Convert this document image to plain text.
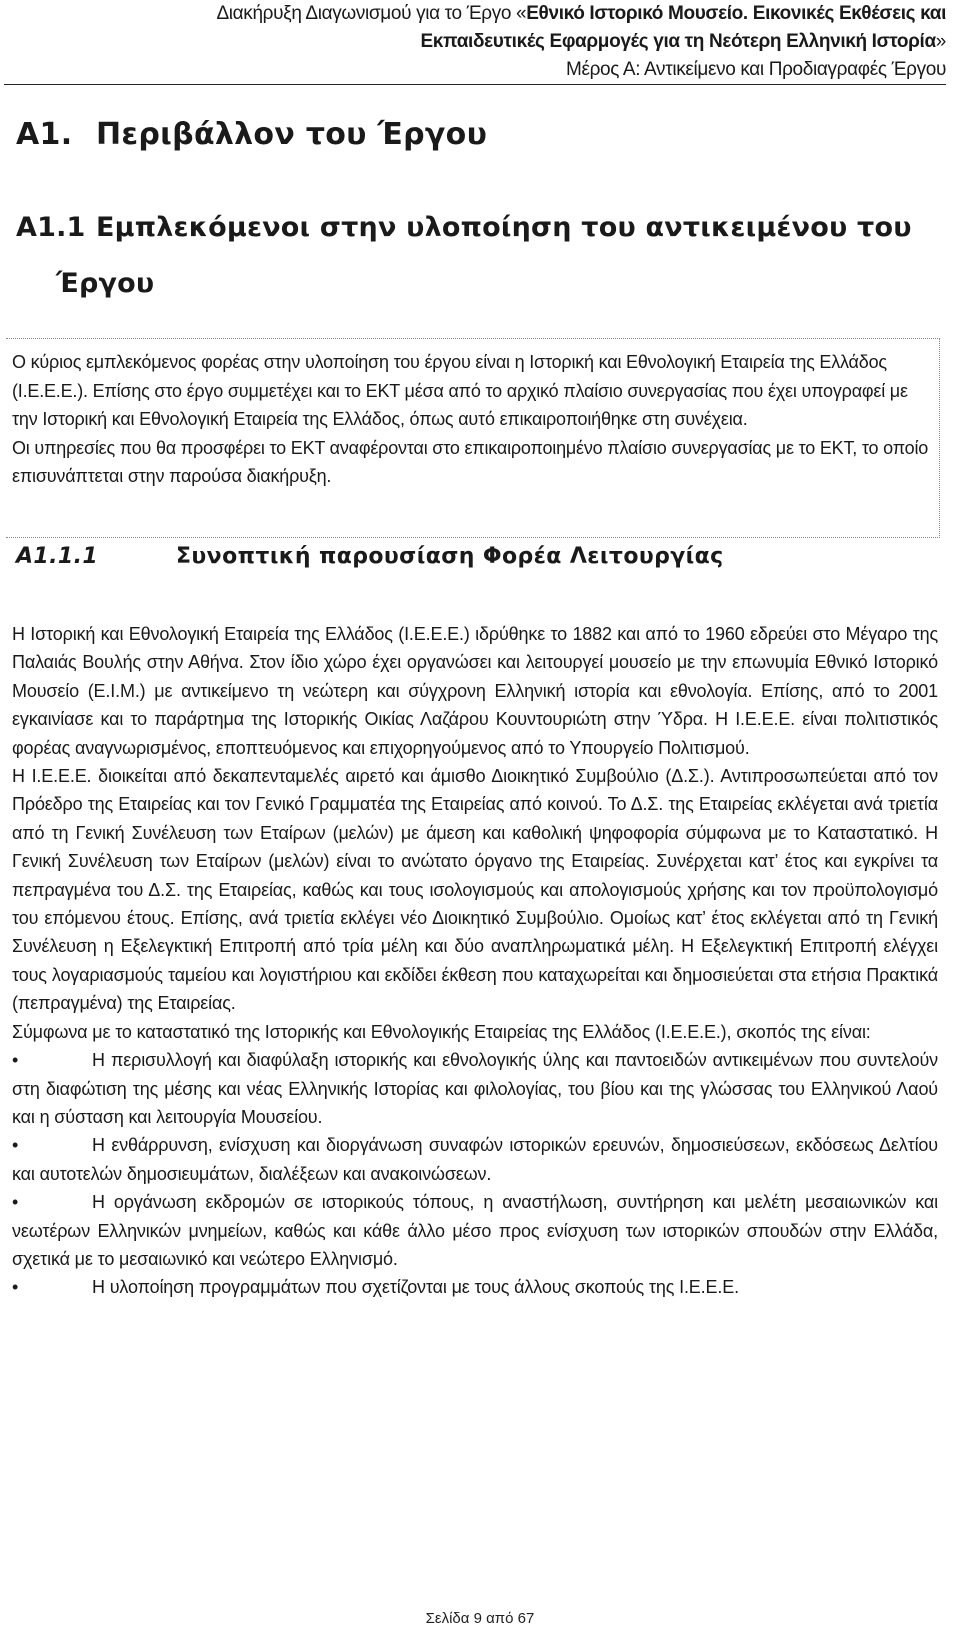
Διακήρυξη Διαγωνισμού για το Έργο «Εθνικό Ιστορικό Μουσείο. Εικονικές Εκθέσεις και
Εκπαιδευτικές Εφαρμογές για τη Νεότερη Ελληνική Ιστορία»
Μέρος Α: Αντικείμενο και Προδιαγραφές Έργου
Α1. Περιβάλλον του Έργου
Α1.1 Εμπλεκόμενοι στην υλοποίηση του αντικειμένου του
Έργου

Ο κύριος εμπλεκόμενος φορέας στην υλοποίηση του έργου είναι η Ιστορική και Εθνολογική Εταιρεία της Ελλάδος (Ι.Ε.Ε.Ε.). Επίσης στο έργο συμμετέχει και το ΕΚΤ μέσα από το αρχικό πλαίσιο συνεργασίας που έχει υπογραφεί με την Ιστορική και Εθνολογική Εταιρεία της Ελλάδος, όπως αυτό επικαιροποιήθηκε στη συνέχεια.

Οι υπηρεσίες που θα προσφέρει το ΕΚΤ αναφέρονται στο επικαιροποιημένο πλαίσιο συνεργασίας με το ΕΚΤ, το οποίο επισυνάπτεται στην παρούσα διακήρυξη.

Α1.1.1	Συνοπτική παρουσίαση Φορέα Λειτουργίας

Η Ιστορική και Εθνολογική Εταιρεία της Ελλάδος (Ι.Ε.Ε.Ε.) ιδρύθηκε το 1882 και από το 1960 εδρεύει στο Μέγαρο της Παλαιάς Βουλής στην Αθήνα. Στον ίδιο χώρο έχει οργανώσει και λειτουργεί μουσείο με την επωνυμία Εθνικό Ιστορικό Μουσείο (Ε.Ι.Μ.) με αντικείμενο τη νεώτερη και σύγχρονη Ελληνική ιστορία και εθνολογία. Επίσης, από το 2001 εγκαινίασε και το παράρτημα της Ιστορικής Οικίας Λαζάρου Κουντουριώτη στην Ύδρα. Η Ι.Ε.Ε.Ε. είναι πολιτιστικός φορέας αναγνωρισμένος, εποπτευόμενος και επιχορηγούμενος από το Υπουργείο Πολιτισμού.

Η Ι.Ε.Ε.Ε. διοικείται από δεκαπενταμελές αιρετό και άμισθο Διοικητικό Συμβούλιο (Δ.Σ.). Αντιπροσωπεύεται από τον Πρόεδρο της Εταιρείας και τον Γενικό Γραμματέα της Εταιρείας από κοινού. Το Δ.Σ. της Εταιρείας εκλέγεται ανά τριετία από τη Γενική Συνέλευση των Εταίρων (μελών) με άμεση και καθολική ψηφοφορία σύμφωνα με το Καταστατικό. Η Γενική Συνέλευση των Εταίρων (μελών) είναι το ανώτατο όργανο της Εταιρείας. Συνέρχεται κατ’ έτος και εγκρίνει τα πεπραγμένα του Δ.Σ. της Εταιρείας, καθώς και τους ισολογισμούς και απολογισμούς χρήσης και τον προϋπολογισμό του επόμενου έτους. Επίσης, ανά τριετία εκλέγει νέο Διοικητικό Συμβούλιο. Ομοίως κατ’ έτος εκλέγεται από τη Γενική Συνέλευση η Εξελεγκτική Επιτροπή από τρία μέλη και δύο αναπληρωματικά μέλη. Η Εξελεγκτική Επιτροπή ελέγχει τους λογαριασμούς ταμείου και λογιστήριου και εκδίδει έκθεση που καταχωρείται και δημοσιεύεται στα ετήσια Πρακτικά (πεπραγμένα) της Εταιρείας.

Σύμφωνα με το καταστατικό της Ιστορικής και Εθνολογικής Εταιρείας της Ελλάδος (Ι.Ε.Ε.Ε.), σκοπός της είναι:

•	Η περισυλλογή και διαφύλαξη ιστορικής και εθνολογικής ύλης και παντοειδών αντικειμένων που συντελούν στη διαφώτιση της μέσης και νέας Ελληνικής Ιστορίας και φιλολογίας, του βίου και της γλώσσας του Ελληνικού Λαού και η σύσταση και λειτουργία Μουσείου.

•	Η ενθάρρυνση, ενίσχυση και διοργάνωση συναφών ιστορικών ερευνών, δημοσιεύσεων, εκδόσεως Δελτίου και αυτοτελών δημοσιευμάτων, διαλέξεων και ανακοινώσεων.

•	Η οργάνωση εκδρομών σε ιστορικούς τόπους, η αναστήλωση, συντήρηση και μελέτη μεσαιωνικών και νεωτέρων Ελληνικών μνημείων, καθώς και κάθε άλλο μέσο προς ενίσχυση των ιστορικών σπουδών στην Ελλάδα, σχετικά με το μεσαιωνικό και νεώτερο Ελληνισμό.

•	Η υλοποίηση προγραμμάτων που σχετίζονται με τους άλλους σκοπούς της Ι.Ε.Ε.Ε.

Σελίδα 9 από 67
